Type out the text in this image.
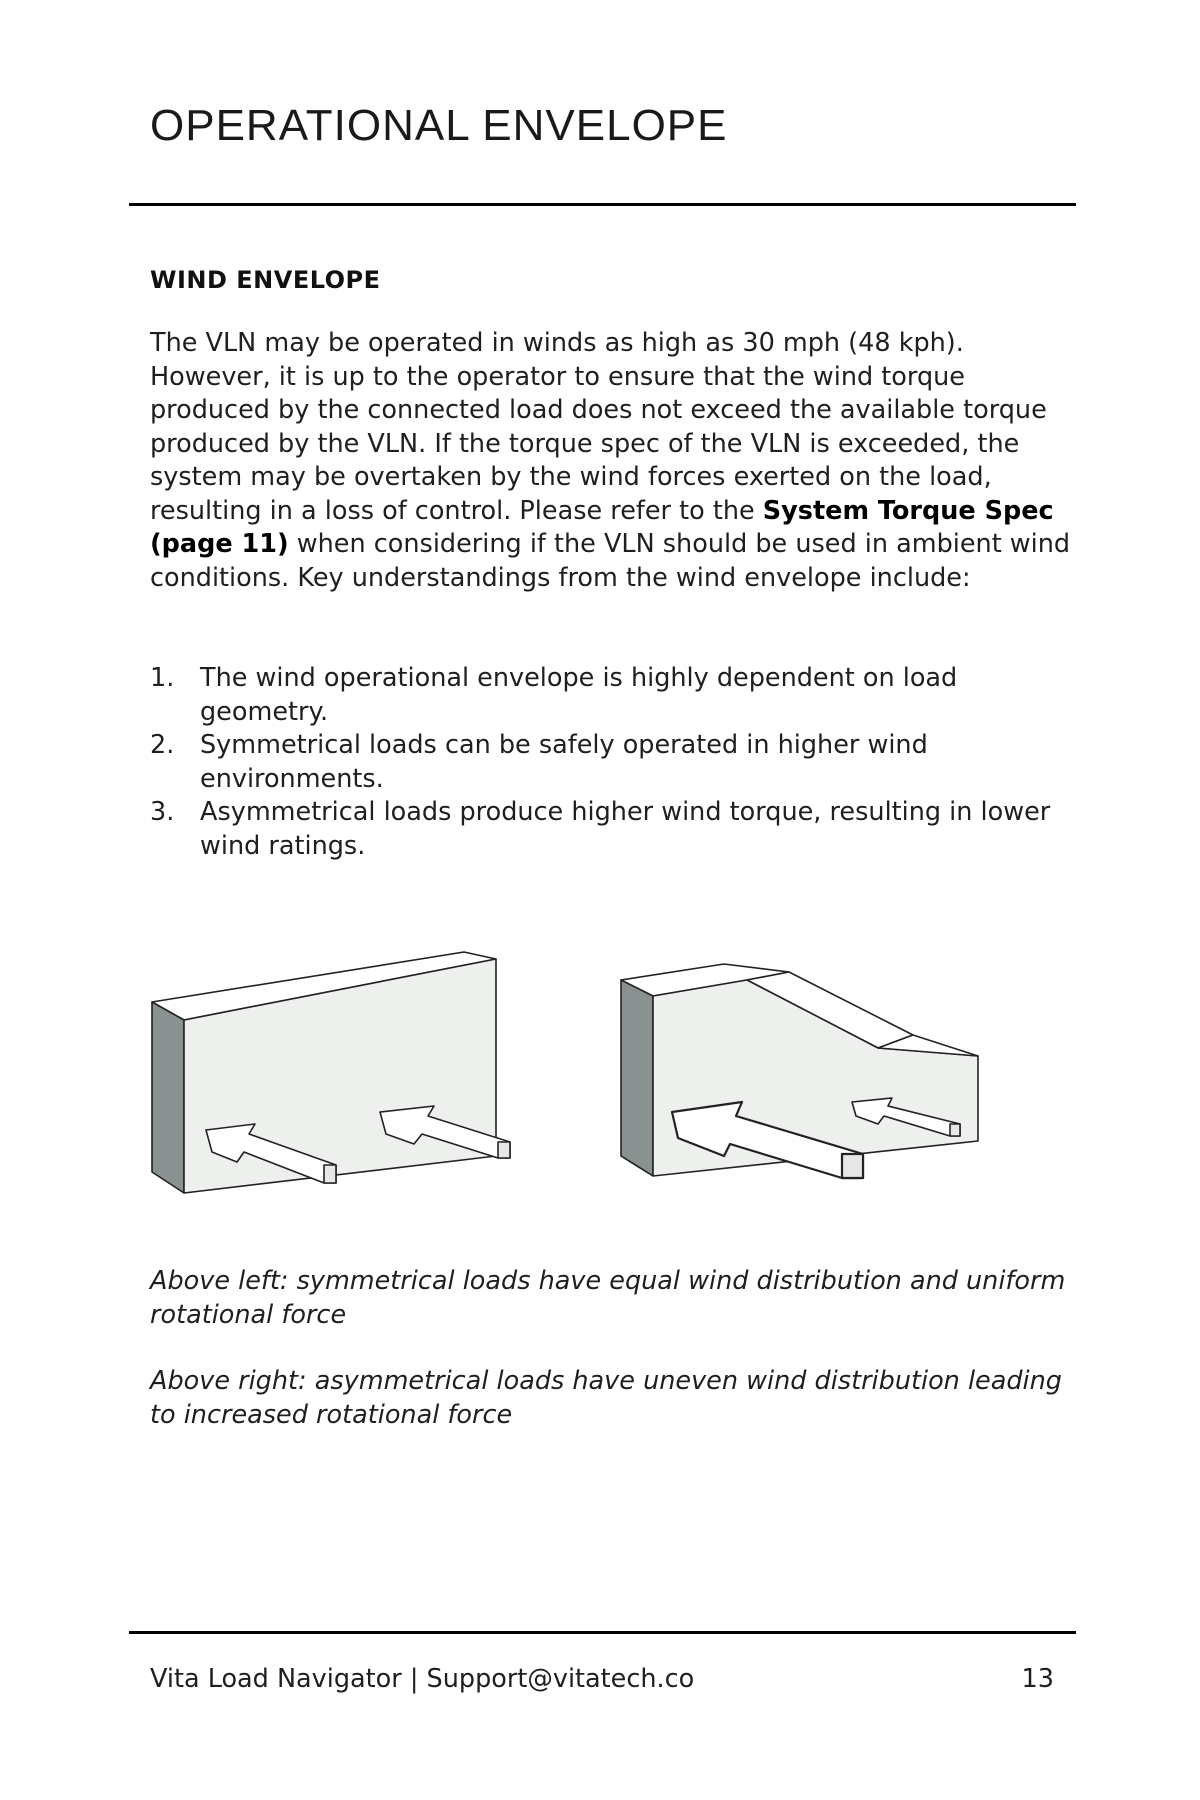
OPERATIONAL ENVELOPE
WIND ENVELOPE

The VLN may be operated in winds as high as 30 mph (48 kph). However, it is up to the operator to ensure that the wind torque produced by the connected load does not exceed the available torque produced by the VLN. If the torque spec of the VLN is exceeded, the system may be overtaken by the wind forces exerted on the load, resulting in a loss of control. Please refer to the System Torque Spec (page 11) when considering if the VLN should be used in ambient wind conditions. Key understandings from the wind envelope include:

1.	The wind operational envelope is highly dependent on load geometry.
2.	Symmetrical loads can be safely operated in higher wind environments.
3.	Asymmetrical loads produce higher wind torque, resulting in lower wind ratings.

Above left: symmetrical loads have equal wind distribution and uniform rotational force

Above right: asymmetrical loads have uneven wind distribution leading to increased rotational force

Vita Load Navigator | Support@vitatech.co	13
